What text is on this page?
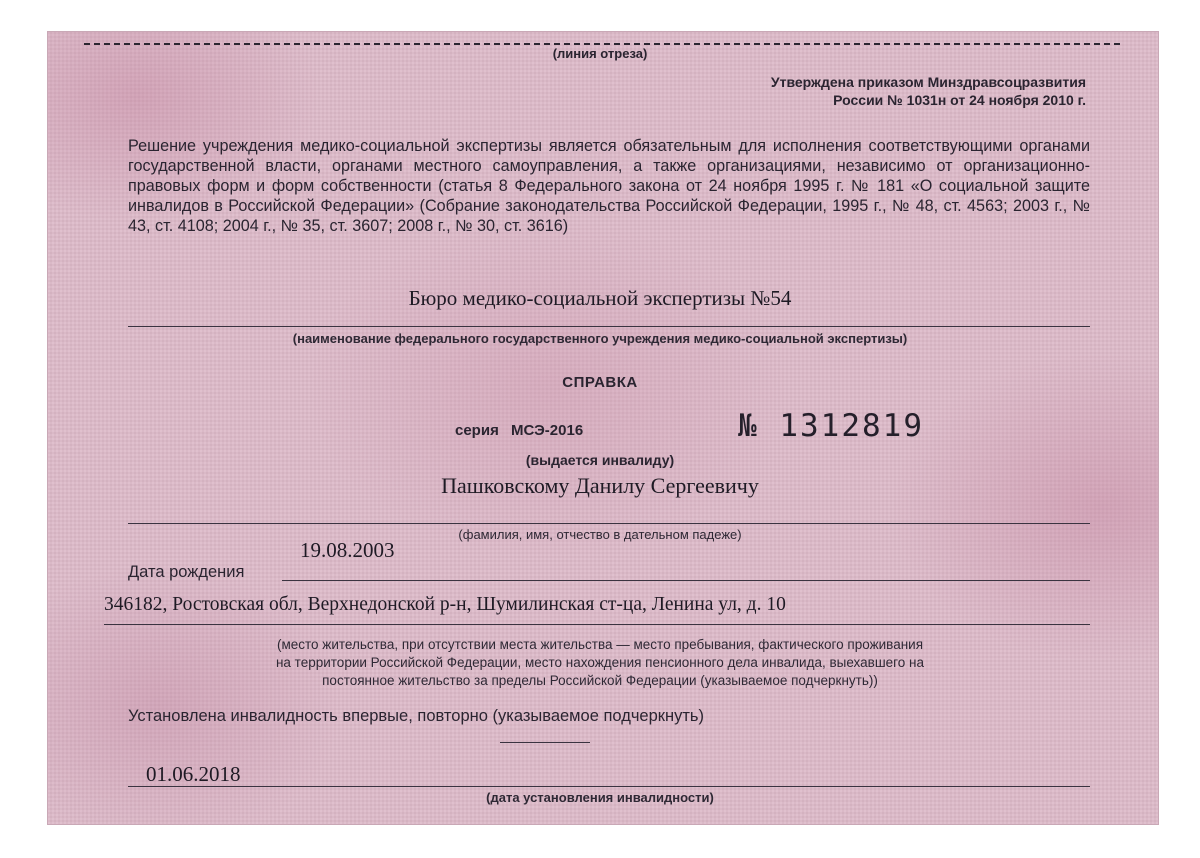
(линия отреза)
Утверждена приказом Минздравсоцразвития
России № 1031н от 24 ноября 2010 г.
Решение учреждения медико-социальной экспертизы является обязательным для исполнения соответствующими органами государственной власти, органами местного самоуправления, а также организациями, независимо от организационно-правовых форм и форм собственности (статья 8 Федерального закона от 24 ноября 1995 г. № 181 «О социальной защите инвалидов в Российской Федерации» (Собрание законодательства Российской Федерации, 1995 г., № 48, ст. 4563; 2003 г., № 43, ст. 4108; 2004 г., № 35, ст. 3607; 2008 г., № 30, ст. 3616)
Бюро медико-социальной экспертизы №54
(наименование федерального государственного учреждения медико-социальной экспертизы)
СПРАВКА
серия МСЭ-2016	№ 1312819
(выдается инвалиду)
Пашковскому Данилу Сергеевичу
(фамилия, имя, отчество в дательном падеже)
Дата рождения
19.08.2003
346182, Ростовская обл, Верхнедонской р-н, Шумилинская ст-ца, Ленина ул, д. 10
(место жительства, при отсутствии места жительства — место пребывания, фактического проживания
на территории Российской Федерации, место нахождения пенсионного дела инвалида, выехавшего на
постоянное жительство за пределы Российской Федерации (указываемое подчеркнуть))
Установлена инвалидность впервые, повторно (указываемое подчеркнуть)
01.06.2018
(дата установления инвалидности)
